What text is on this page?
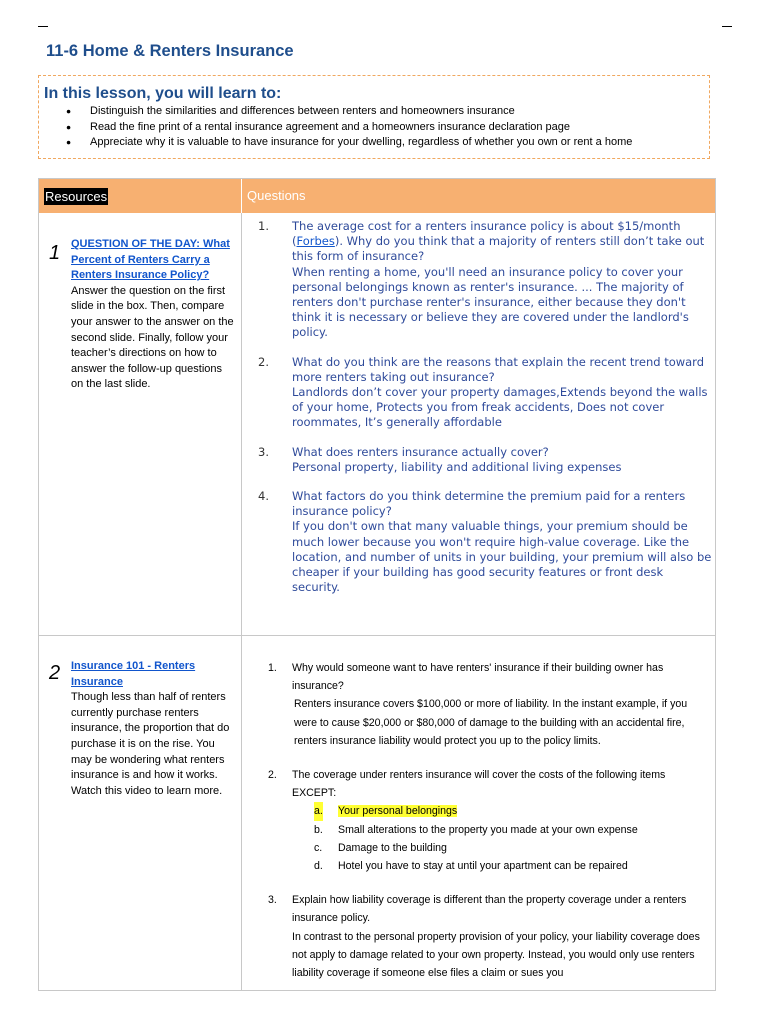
11-6 Home & Renters Insurance
In this lesson, you will learn to:
● Distinguish the similarities and differences between renters and homeowners insurance
● Read the fine print of a rental insurance agreement and a homeowners insurance declaration page
● Appreciate why it is valuable to have insurance for your dwelling, regardless of whether you own or rent a home
Resources	Questions
1 QUESTION OF THE DAY: What Percent of Renters Carry a Renters Insurance Policy?
Answer the question on the first slide in the box. Then, compare your answer to the answer on the second slide. Finally, follow your teacher’s directions on how to answer the follow-up questions on the last slide.
1. The average cost for a renters insurance policy is about $15/month (Forbes). Why do you think that a majority of renters still don’t take out this form of insurance?
When renting a home, you'll need an insurance policy to cover your personal belongings known as renter's insurance. ... The majority of renters don't purchase renter's insurance, either because they don't think it is necessary or believe they are covered under the landlord's policy.
2. What do you think are the reasons that explain the recent trend toward more renters taking out insurance?
Landlords don’t cover your property damages,Extends beyond the walls of your home, Protects you from freak accidents, Does not cover roommates, It’s generally affordable
3. What does renters insurance actually cover?
Personal property, liability and additional living expenses
4. What factors do you think determine the premium paid for a renters insurance policy?
If you don't own that many valuable things, your premium should be much lower because you won't require high-value coverage. Like the location, and number of units in your building, your premium will also be cheaper if your building has good security features or front desk security.
2 Insurance 101 - Renters Insurance
Though less than half of renters currently purchase renters insurance, the proportion that do purchase it is on the rise. You may be wondering what renters insurance is and how it works. Watch this video to learn more.
1. Why would someone want to have renters' insurance if their building owner has insurance?
Renters insurance covers $100,000 or more of liability. In the instant example, if you were to cause $20,000 or $80,000 of damage to the building with an accidental fire, renters insurance liability would protect you up to the policy limits.
2. The coverage under renters insurance will cover the costs of the following items EXCEPT:
a. Your personal belongings
b. Small alterations to the property you made at your own expense
c. Damage to the building
d. Hotel you have to stay at until your apartment can be repaired
3. Explain how liability coverage is different than the property coverage under a renters insurance policy.
In contrast to the personal property provision of your policy, your liability coverage does not apply to damage related to your own property. Instead, you would only use renters liability coverage if someone else files a claim or sues you
